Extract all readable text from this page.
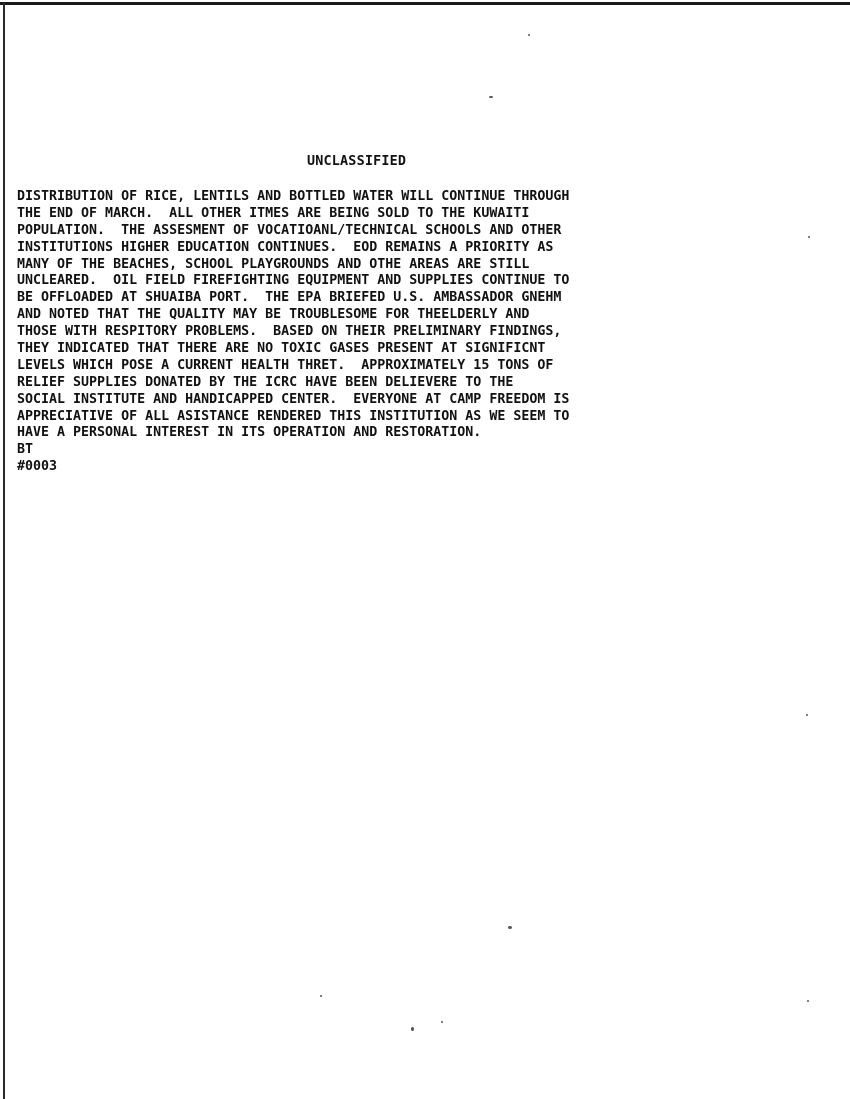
UNCLASSIFIED
DISTRIBUTION OF RICE, LENTILS AND BOTTLED WATER WILL CONTINUE THROUGH
THE END OF MARCH.  ALL OTHER ITMES ARE BEING SOLD TO THE KUWAITI
POPULATION.  THE ASSESMENT OF VOCATIOANL/TECHNICAL SCHOOLS AND OTHER
INSTITUTIONS HIGHER EDUCATION CONTINUES.  EOD REMAINS A PRIORITY AS
MANY OF THE BEACHES, SCHOOL PLAYGROUNDS AND OTHE AREAS ARE STILL
UNCLEARED.  OIL FIELD FIREFIGHTING EQUIPMENT AND SUPPLIES CONTINUE TO
BE OFFLOADED AT SHUAIBA PORT.  THE EPA BRIEFED U.S. AMBASSADOR GNEHM
AND NOTED THAT THE QUALITY MAY BE TROUBLESOME FOR THEELDERLY AND
THOSE WITH RESPITORY PROBLEMS.  BASED ON THEIR PRELIMINARY FINDINGS,
THEY INDICATED THAT THERE ARE NO TOXIC GASES PRESENT AT SIGNIFICNT
LEVELS WHICH POSE A CURRENT HEALTH THRET.  APPROXIMATELY 15 TONS OF
RELIEF SUPPLIES DONATED BY THE ICRC HAVE BEEN DELIEVERE TO THE
SOCIAL INSTITUTE AND HANDICAPPED CENTER.  EVERYONE AT CAMP FREEDOM IS
APPRECIATIVE OF ALL ASISTANCE RENDERED THIS INSTITUTION AS WE SEEM TO
HAVE A PERSONAL INTEREST IN ITS OPERATION AND RESTORATION.
BT
#0003
